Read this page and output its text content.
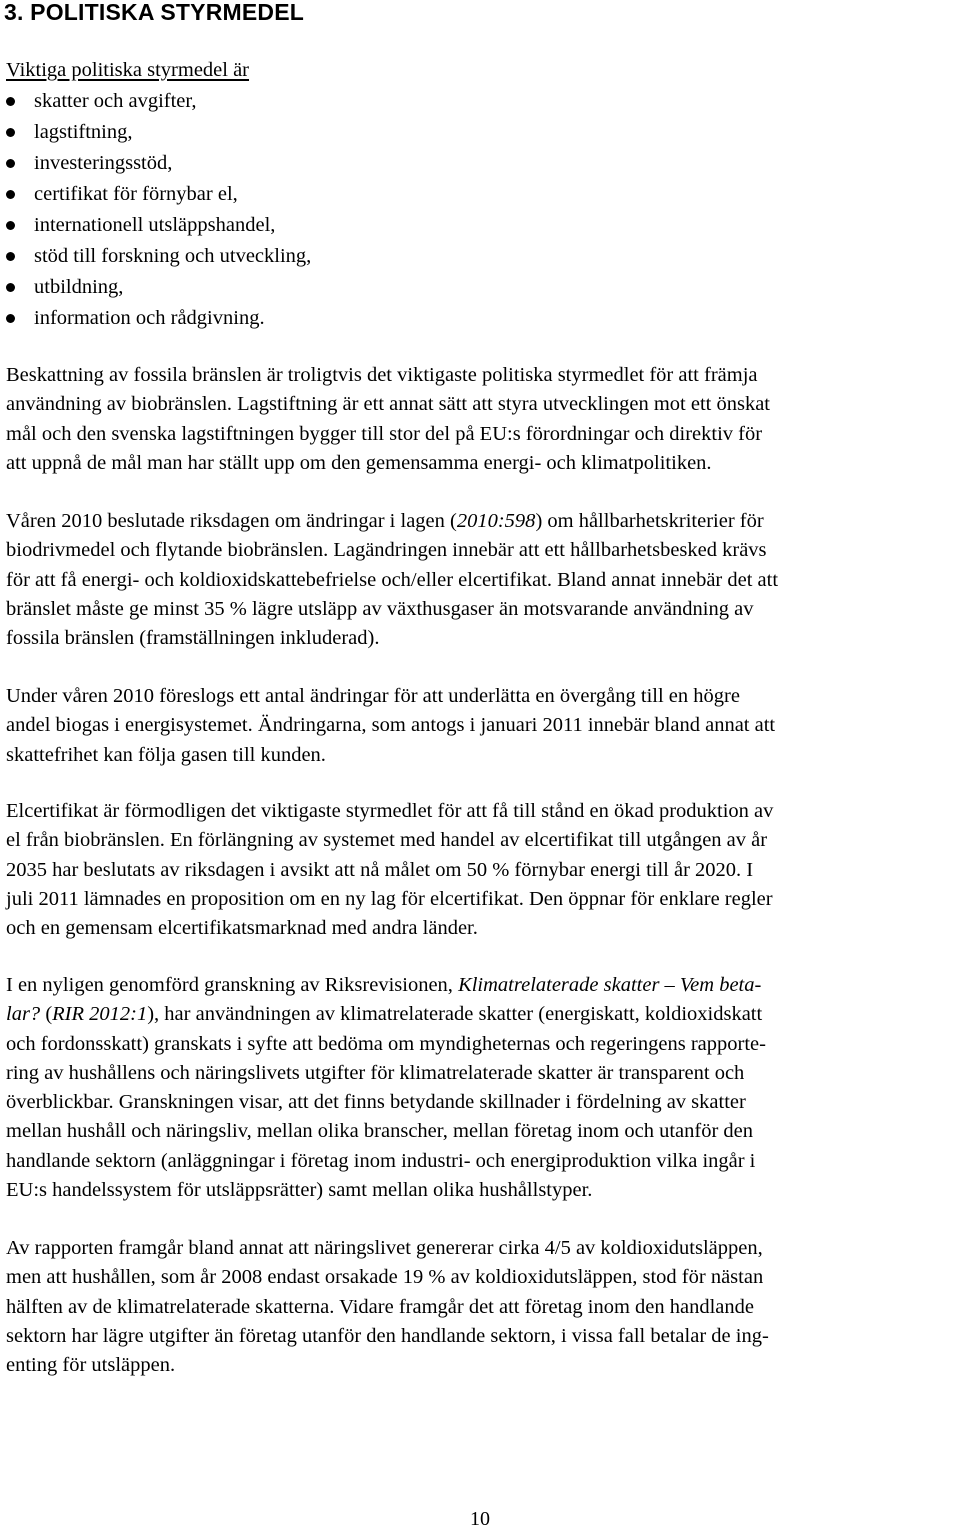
3. POLITISKA STYRMEDEL

Viktiga politiska styrmedel är

skatter och avgifter,
lagstiftning,
investeringsstöd,
certifikat för förnybar el,
internationell utsläppshandel,
stöd till forskning och utveckling,
utbildning,
information och rådgivning.

Beskattning av fossila bränslen är troligtvis det viktigaste politiska styrmedlet för att främja
användning av biobränslen. Lagstiftning är ett annat sätt att styra utvecklingen mot ett önskat
mål och den svenska lagstiftningen bygger till stor del på EU:s förordningar och direktiv för
att uppnå de mål man har ställt upp om den gemensamma energi- och klimatpolitiken.

Våren 2010 beslutade riksdagen om ändringar i lagen (2010:598) om hållbarhetskriterier för
biodrivmedel och flytande biobränslen. Lagändringen innebär att ett hållbarhetsbesked krävs
för att få energi- och koldioxidskattebefrielse och/eller elcertifikat. Bland annat innebär det att
bränslet måste ge minst 35 % lägre utsläpp av växthusgaser än motsvarande användning av
fossila bränslen (framställningen inkluderad).

Under våren 2010 föreslogs ett antal ändringar för att underlätta en övergång till en högre
andel biogas i energisystemet. Ändringarna, som antogs i januari 2011 innebär bland annat att
skattefrihet kan följa gasen till kunden.

Elcertifikat är förmodligen det viktigaste styrmedlet för att få till stånd en ökad produktion av
el från biobränslen. En förlängning av systemet med handel av elcertifikat till utgången av år
2035 har beslutats av riksdagen i avsikt att nå målet om 50 % förnybar energi till år 2020. I
juli 2011 lämnades en proposition om en ny lag för elcertifikat. Den öppnar för enklare regler
och en gemensam elcertifikatsmarknad med andra länder.

I en nyligen genomförd granskning av Riksrevisionen, Klimatrelaterade skatter – Vem beta-
lar? (RIR 2012:1), har användningen av klimatrelaterade skatter (energiskatt, koldioxidskatt
och fordonsskatt) granskats i syfte att bedöma om myndigheternas och regeringens rapporte-
ring av hushållens och näringslivets utgifter för klimatrelaterade skatter är transparent och
överblickbar. Granskningen visar, att det finns betydande skillnader i fördelning av skatter
mellan hushåll och näringsliv, mellan olika branscher, mellan företag inom och utanför den
handlande sektorn (anläggningar i företag inom industri- och energiproduktion vilka ingår i
EU:s handelssystem för utsläppsrätter) samt mellan olika hushållstyper.

Av rapporten framgår bland annat att näringslivet genererar cirka 4/5 av koldioxidutsläppen,
men att hushållen, som år 2008 endast orsakade 19 % av koldioxidutsläppen, stod för nästan
hälften av de klimatrelaterade skatterna. Vidare framgår det att företag inom den handlande
sektorn har lägre utgifter än företag utanför den handlande sektorn, i vissa fall betalar de ing-
enting för utsläppen.

10
